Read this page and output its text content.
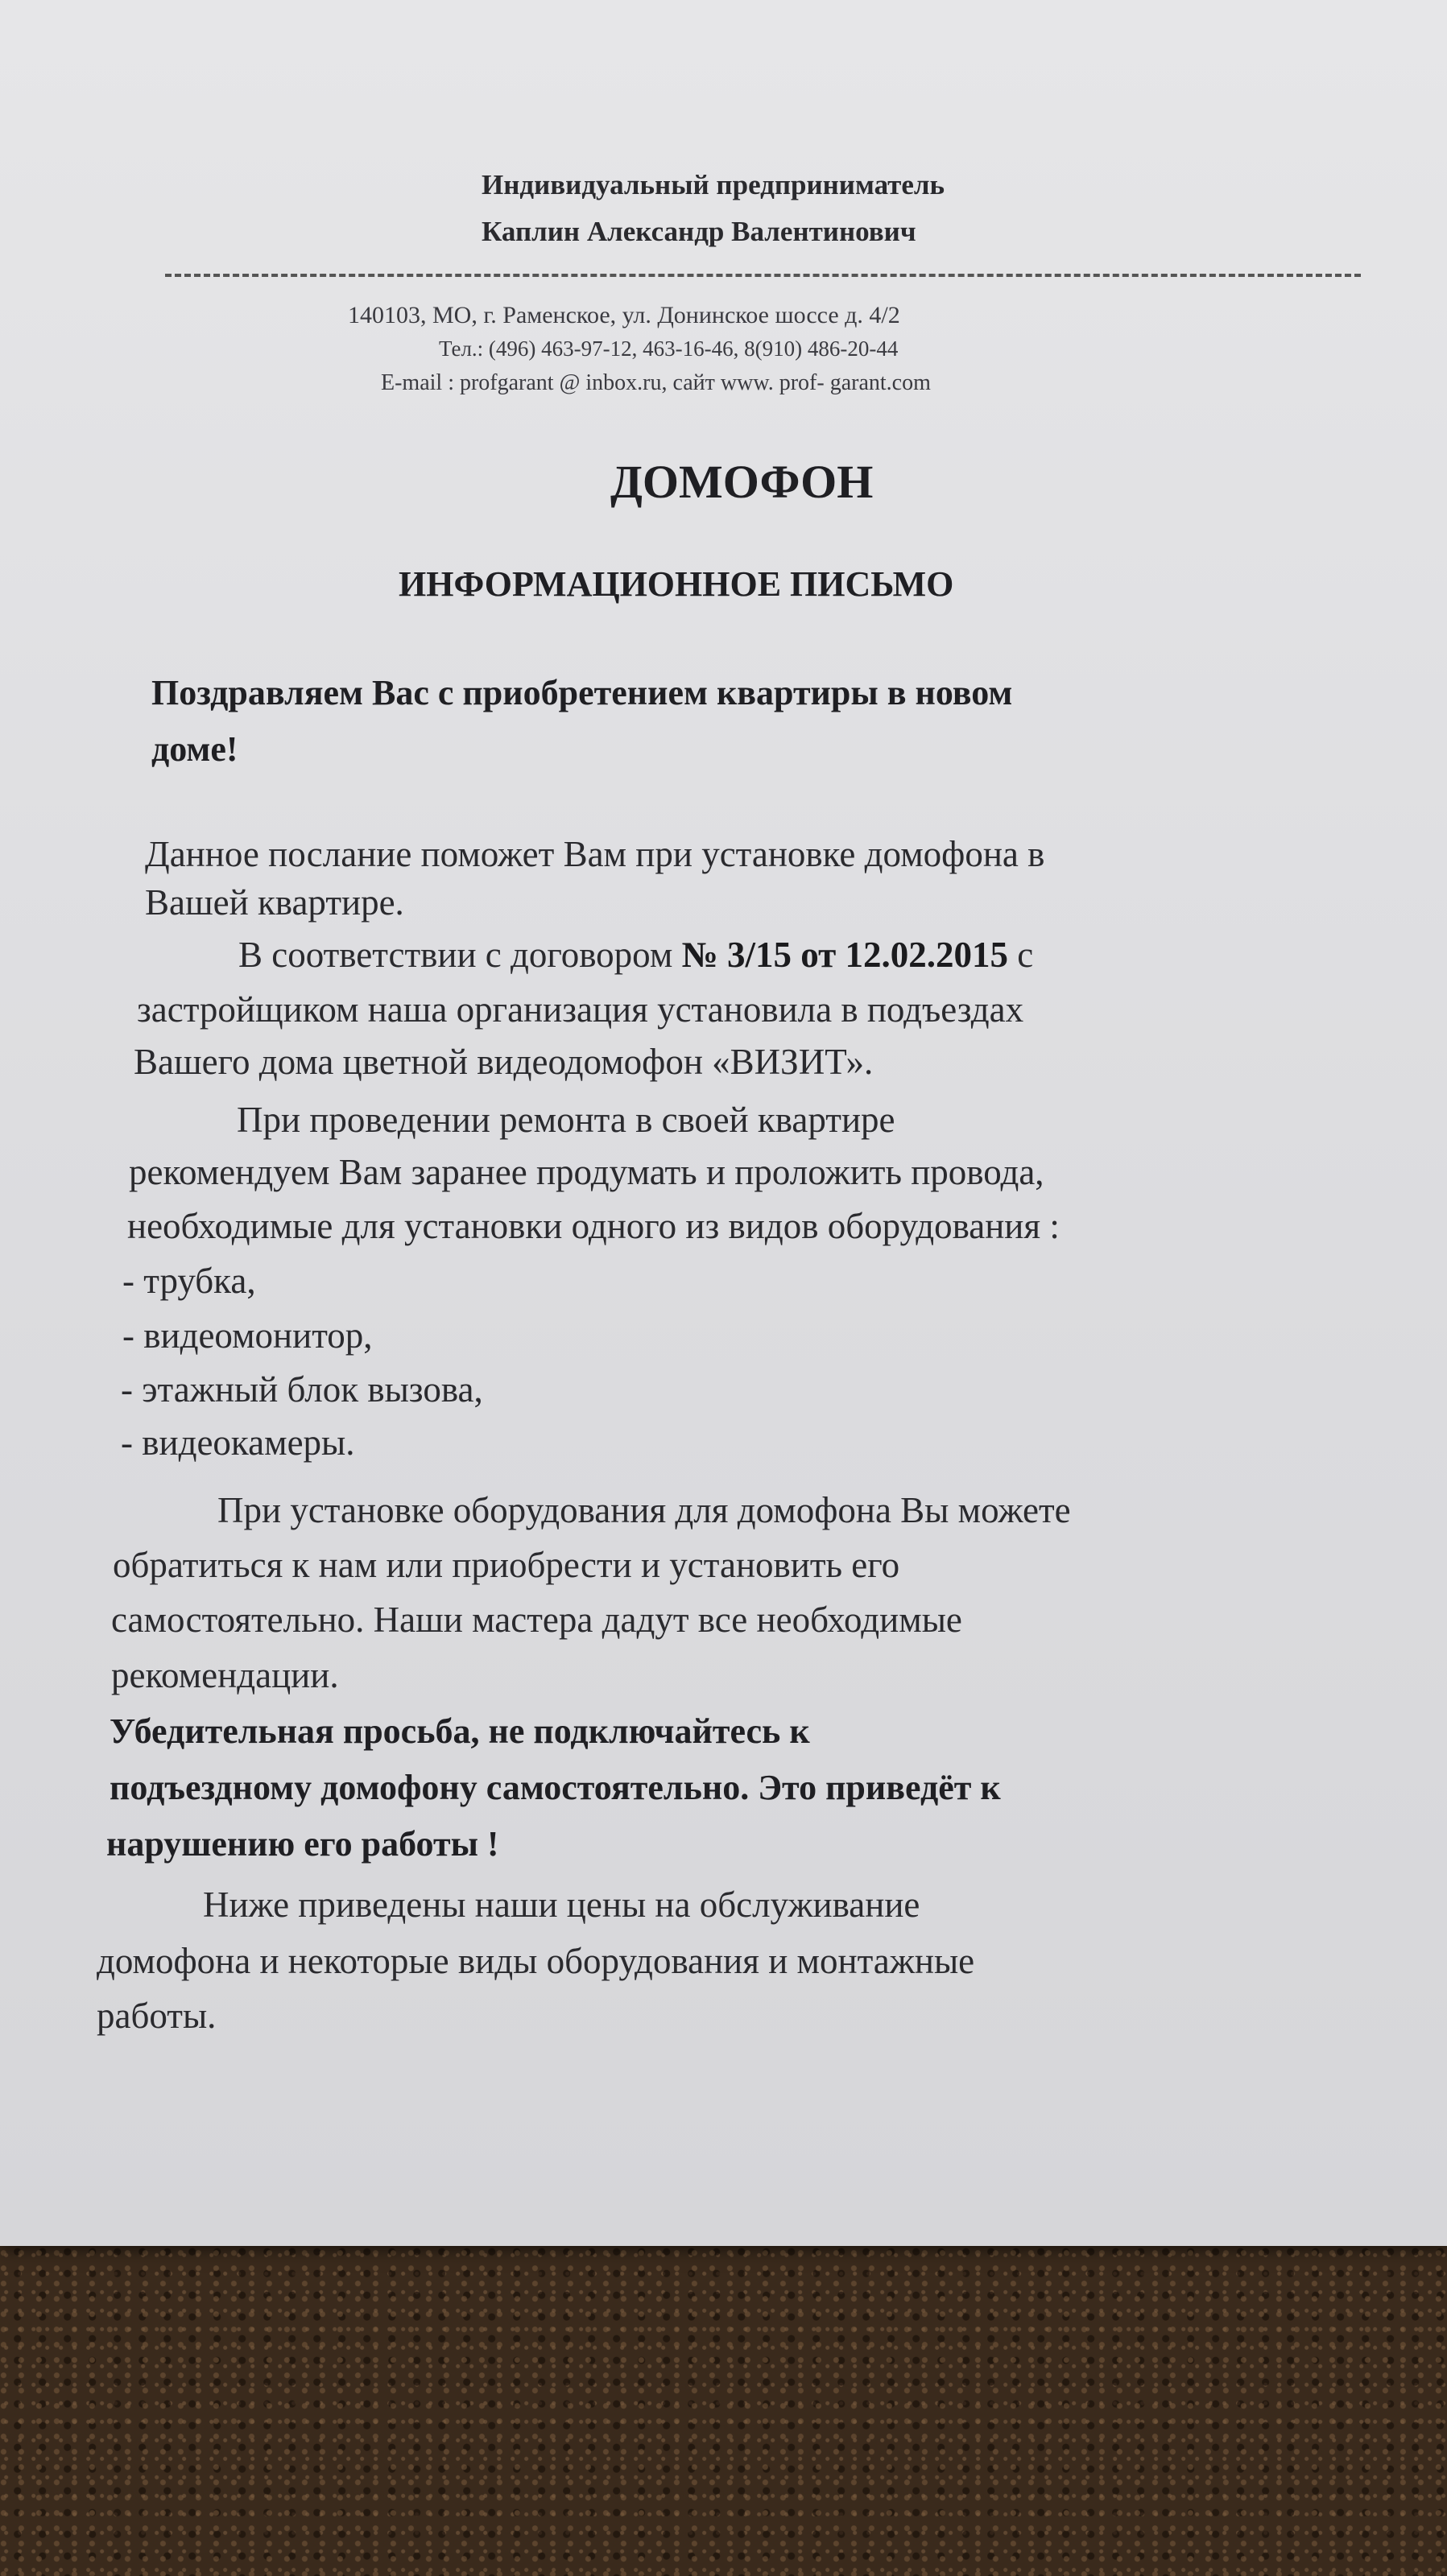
Индивидуальный предприниматель
Каплин Александр Валентинович
140103, МО, г. Раменское, ул. Донинское шоссе д. 4/2
Тел.: (496) 463-97-12, 463-16-46, 8(910) 486-20-44
E-mail : profgarant @ inbox.ru, сайт www. prof- garant.com
ДОМОФОН
ИНФОРМАЦИОННОЕ ПИСЬМО
Поздравляем Вас с приобретением квартиры в новом
доме!
Данное послание поможет Вам при установке домофона в
Вашей квартире.
В соответствии с договором № 3/15 от 12.02.2015 с
застройщиком наша организация установила в подъездах
Вашего дома цветной видеодомофон «ВИЗИТ».
При проведении ремонта в своей квартире
рекомендуем Вам заранее продумать и проложить провода,
необходимые для установки одного из видов оборудования :
- трубка,
- видеомонитор,
- этажный блок вызова,
- видеокамеры.
При установке оборудования для домофона Вы можете
обратиться к нам или приобрести и установить его
самостоятельно. Наши мастера дадут все необходимые
рекомендации.
Убедительная просьба, не подключайтесь к
подъездному домофону самостоятельно. Это приведёт к
нарушению его работы !
Ниже приведены наши цены на обслуживание
домофона и некоторые виды оборудования и монтажные
работы.
